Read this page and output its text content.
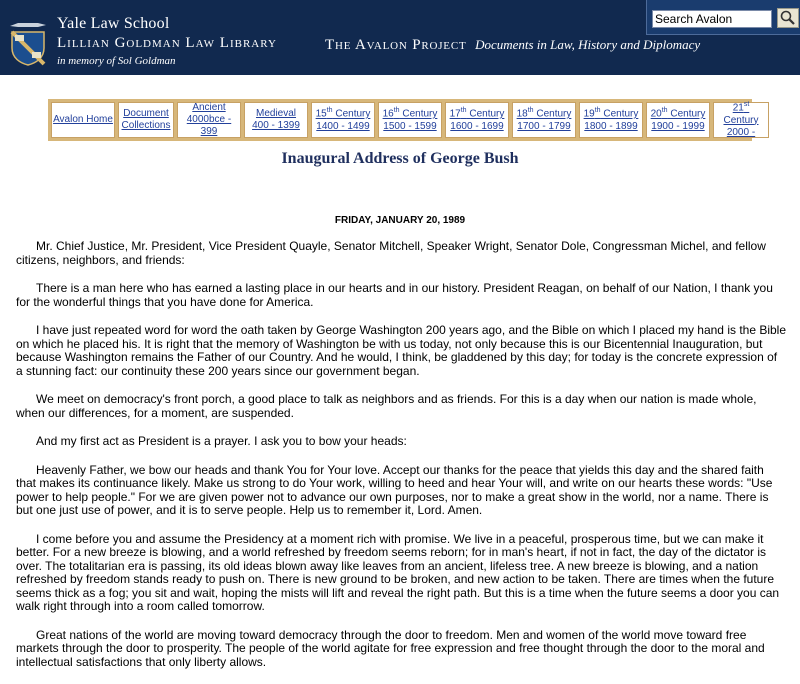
Yale Law School
Lillian Goldman Law Library
in memory of Sol Goldman
The Avalon Project Documents in Law, History and Diplomacy
Search Avalon
Avalon Home
Document
Collections
Ancient
4000bce - 399
Medieval
400 - 1399
15th Century
1400 - 1499
16th Century
1500 - 1599
17th Century
1600 - 1699
18th Century
1700 - 1799
19th Century
1800 - 1899
20th Century
1900 - 1999
21st Century
2000 -
Inaugural Address of George Bush
FRIDAY, JANUARY 20, 1989

Mr. Chief Justice, Mr. President, Vice President Quayle, Senator Mitchell, Speaker Wright, Senator Dole, Congressman Michel, and fellow citizens, neighbors, and friends:

There is a man here who has earned a lasting place in our hearts and in our history. President Reagan, on behalf of our Nation, I thank you for the wonderful things that you have done for America.

I have just repeated word for word the oath taken by George Washington 200 years ago, and the Bible on which I placed my hand is the Bible on which he placed his. It is right that the memory of Washington be with us today, not only because this is our Bicentennial Inauguration, but because Washington remains the Father of our Country. And he would, I think, be gladdened by this day; for today is the concrete expression of a stunning fact: our continuity these 200 years since our government began.

We meet on democracy's front porch, a good place to talk as neighbors and as friends. For this is a day when our nation is made whole, when our differences, for a moment, are suspended.

And my first act as President is a prayer. I ask you to bow your heads:

Heavenly Father, we bow our heads and thank You for Your love. Accept our thanks for the peace that yields this day and the shared faith that makes its continuance likely. Make us strong to do Your work, willing to heed and hear Your will, and write on our hearts these words: "Use power to help people." For we are given power not to advance our own purposes, nor to make a great show in the world, nor a name. There is but one just use of power, and it is to serve people. Help us to remember it, Lord. Amen.

I come before you and assume the Presidency at a moment rich with promise. We live in a peaceful, prosperous time, but we can make it better. For a new breeze is blowing, and a world refreshed by freedom seems reborn; for in man's heart, if not in fact, the day of the dictator is over. The totalitarian era is passing, its old ideas blown away like leaves from an ancient, lifeless tree. A new breeze is blowing, and a nation refreshed by freedom stands ready to push on. There is new ground to be broken, and new action to be taken. There are times when the future seems thick as a fog; you sit and wait, hoping the mists will lift and reveal the right path. But this is a time when the future seems a door you can walk right through into a room called tomorrow.

Great nations of the world are moving toward democracy through the door to freedom. Men and women of the world move toward free markets through the door to prosperity. The people of the world agitate for free expression and free thought through the door to the moral and intellectual satisfactions that only liberty allows.
